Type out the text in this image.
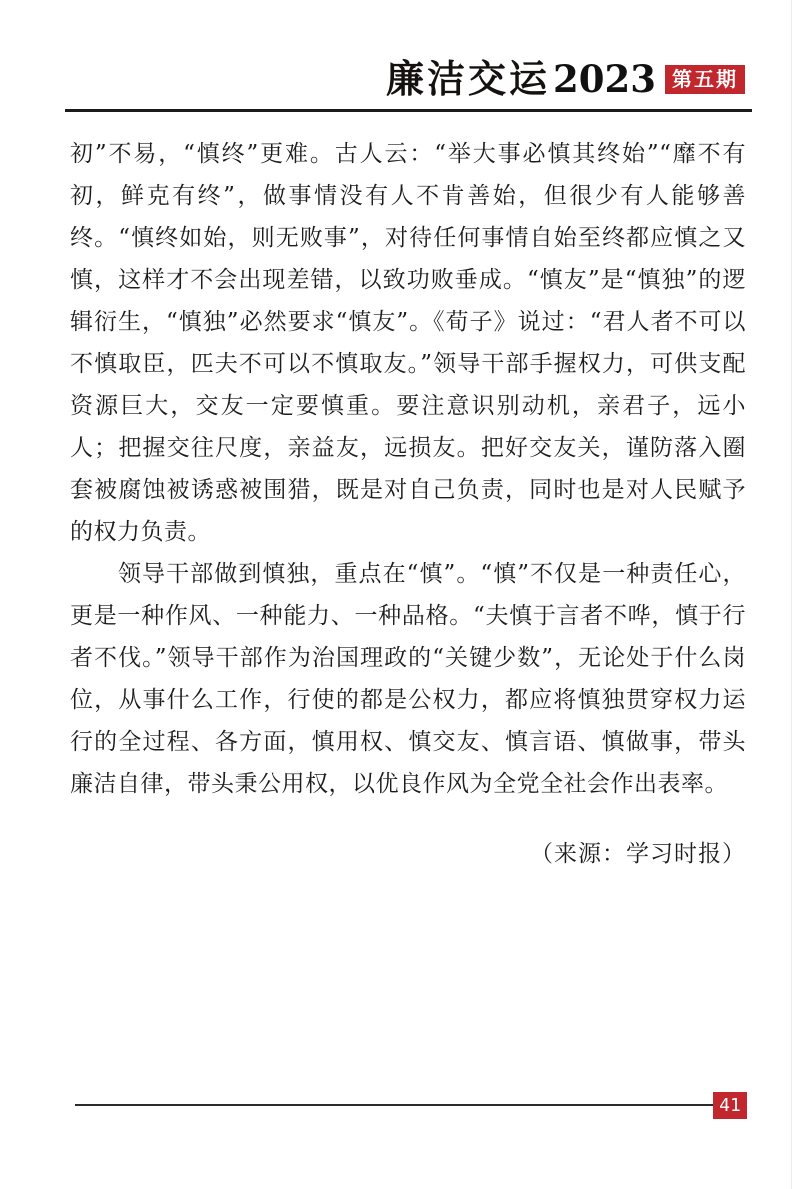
廉洁交运 2023 第五期

初”不易，“慎终”更难。古人云：“举大事必慎其终始”“靡不有初，鲜克有终”，做事情没有人不肯善始，但很少有人能够善终。“慎终如始，则无败事”，对待任何事情自始至终都应慎之又慎，这样才不会出现差错，以致功败垂成。“慎友”是“慎独”的逻辑衍生，“慎独”必然要求“慎友”。《荀子》说过：“君人者不可以不慎取臣，匹夫不可以不慎取友。”领导干部手握权力，可供支配资源巨大，交友一定要慎重。要注意识别动机，亲君子，远小人；把握交往尺度，亲益友，远损友。把好交友关，谨防落入圈套被腐蚀被诱惑被围猎，既是对自己负责，同时也是对人民赋予的权力负责。

领导干部做到慎独，重点在“慎”。“慎”不仅是一种责任心，更是一种作风、一种能力、一种品格。“夫慎于言者不哗，慎于行者不伐。”领导干部作为治国理政的“关键少数”，无论处于什么岗位，从事什么工作，行使的都是公权力，都应将慎独贯穿权力运行的全过程、各方面，慎用权、慎交友、慎言语、慎做事，带头廉洁自律，带头秉公用权，以优良作风为全党全社会作出表率。

（来源：学习时报）

41
